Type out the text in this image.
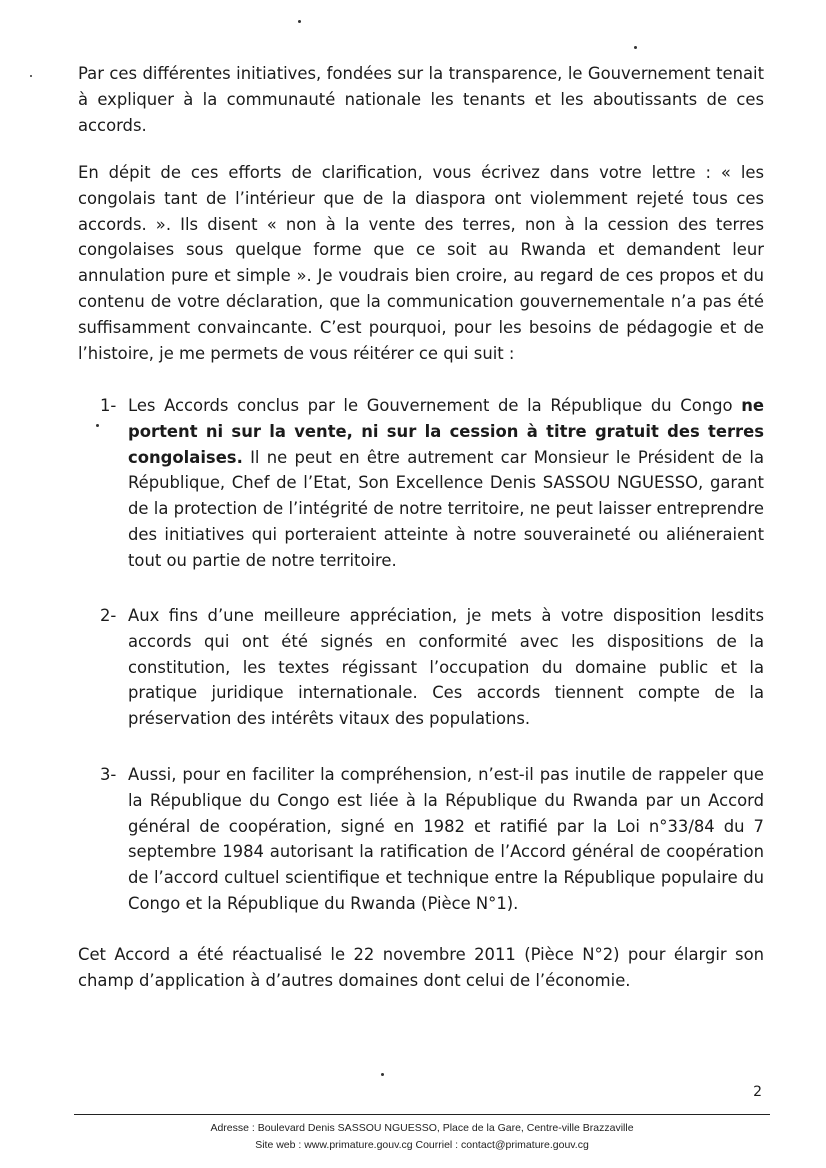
Par ces différentes initiatives, fondées sur la transparence, le Gouvernement tenait à expliquer à la communauté nationale les tenants et les aboutissants de ces accords.

En dépit de ces efforts de clarification, vous écrivez dans votre lettre : « les congolais tant de l’intérieur que de la diaspora ont violemment rejeté tous ces accords. ». Ils disent « non à la vente des terres, non à la cession des terres congolaises sous quelque forme que ce soit au Rwanda et demandent leur annulation pure et simple ». Je voudrais bien croire, au regard de ces propos et du contenu de votre déclaration, que la communication gouvernementale n’a pas été suffisamment convaincante. C’est pourquoi, pour les besoins de pédagogie et de l’histoire, je me permets de vous réitérer ce qui suit :

1- Les Accords conclus par le Gouvernement de la République du Congo ne portent ni sur la vente, ni sur la cession à titre gratuit des terres congolaises. Il ne peut en être autrement car Monsieur le Président de la République, Chef de l’Etat, Son Excellence Denis SASSOU NGUESSO, garant de la protection de l’intégrité de notre territoire, ne peut laisser entreprendre des initiatives qui porteraient atteinte à notre souveraineté ou aliéneraient tout ou partie de notre territoire.

2- Aux fins d’une meilleure appréciation, je mets à votre disposition lesdits accords qui ont été signés en conformité avec les dispositions de la constitution, les textes régissant l’occupation du domaine public et la pratique juridique internationale. Ces accords tiennent compte de la préservation des intérêts vitaux des populations.

3- Aussi, pour en faciliter la compréhension, n’est-il pas inutile de rappeler que la République du Congo est liée à la République du Rwanda par un Accord général de coopération, signé en 1982 et ratifié par la Loi n°33/84 du 7 septembre 1984 autorisant la ratification de l’Accord général de coopération de l’accord cultuel scientifique et technique entre la République populaire du Congo et la République du Rwanda (Pièce N°1).

Cet Accord a été réactualisé le 22 novembre 2011 (Pièce N°2) pour élargir son champ d’application à d’autres domaines dont celui de l’économie.

2
Adresse : Boulevard Denis SASSOU NGUESSO, Place de la Gare, Centre-ville Brazzaville
Site web : www.primature.gouv.cg Courriel : contact@primature.gouv.cg
